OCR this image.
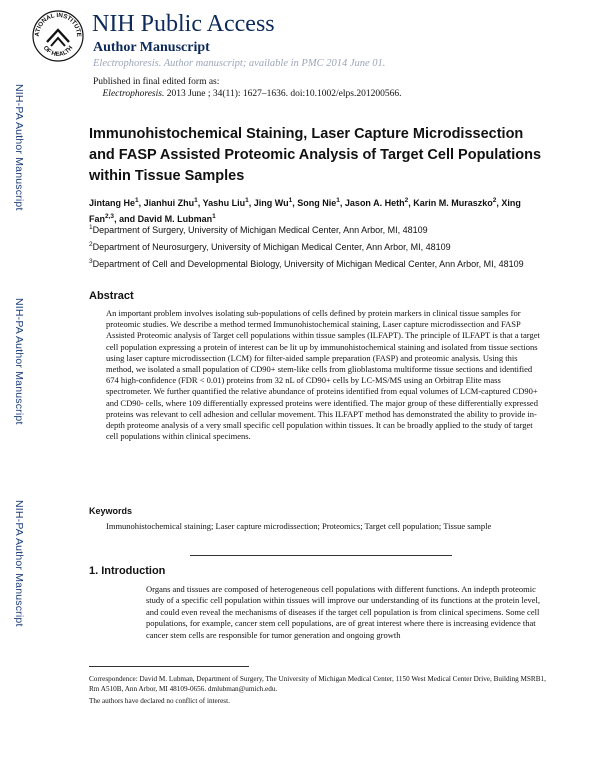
ATIONAL INSTITUTE
OF HEALTH
NIH Public Access
Author Manuscript
Electrophoresis. Author manuscript; available in PMC 2014 June 01.
Published in final edited form as:
Electrophoresis. 2013 June ; 34(11): 1627–1636. doi:10.1002/elps.201200566.
NIH-PA Author Manuscript
NIH-PA Author Manuscript
NIH-PA Author Manuscript
Immunohistochemical Staining, Laser Capture Microdissection and FASP Assisted Proteomic Analysis of Target Cell Populations within Tissue Samples
Jintang He$^1$, Jianhui Zhu$^1$, Yashu Liu$^1$, Jing Wu$^1$, Song Nie$^1$, Jason A. Heth$^2$, Karin M. Muraszko$^2$, Xing Fan$^{2,3}$, and David M. Lubman$^1$
$^1$Department of Surgery, University of Michigan Medical Center, Ann Arbor, MI, 48109
$^2$Department of Neurosurgery, University of Michigan Medical Center, Ann Arbor, MI, 48109
$^3$Department of Cell and Developmental Biology, University of Michigan Medical Center, Ann Arbor, MI, 48109
Abstract
An important problem involves isolating sub-populations of cells defined by protein markers in clinical tissue samples for proteomic studies. We describe a method termed Immunohistochemical staining, Laser capture microdissection and FASP Assisted Proteomic analysis of Target cell populations within tissue samples (ILFAPT). The principle of ILFAPT is that a target cell population expressing a protein of interest can be lit up by immunohistochemical staining and isolated from tissue sections using laser capture microdissection (LCM) for filter-aided sample preparation (FASP) and proteomic analysis. Using this method, we isolated a small population of CD90+ stem-like cells from glioblastoma multiforme tissue sections and identified 674 high-confidence (FDR < 0.01) proteins from 32 nL of CD90+ cells by LC-MS/MS using an Orbitrap Elite mass spectrometer. We further quantified the relative abundance of proteins identified from equal volumes of LCM-captured CD90+ and CD90- cells, where 109 differentially expressed proteins were identified. The major group of these differentially expressed proteins was relevant to cell adhesion and cellular movement. This ILFAPT method has demonstrated the ability to provide in-depth proteome analysis of a very small specific cell population within tissues. It can be broadly applied to the study of target cell populations within clinical specimens.
Keywords
Immunohistochemical staining; Laser capture microdissection; Proteomics; Target cell population; Tissue sample
1. Introduction
Organs and tissues are composed of heterogeneous cell populations with different functions. An indepth proteomic study of a specific cell population within tissues will improve our understanding of its functions at the protein level, and could even reveal the mechanisms of diseases if the target cell population is from clinical specimens. Some cell populations, for example, cancer stem cell populations, are of great interest where there is increasing evidence that cancer stem cells are responsible for tumor generation and ongoing growth
Correspondence: David M. Lubman, Department of Surgery, The University of Michigan Medical Center, 1150 West Medical Center Drive, Building MSRB1, Rm A510B, Ann Arbor, MI 48109-0656. dmlubman@umich.edu.
The authors have declared no conflict of interest.
